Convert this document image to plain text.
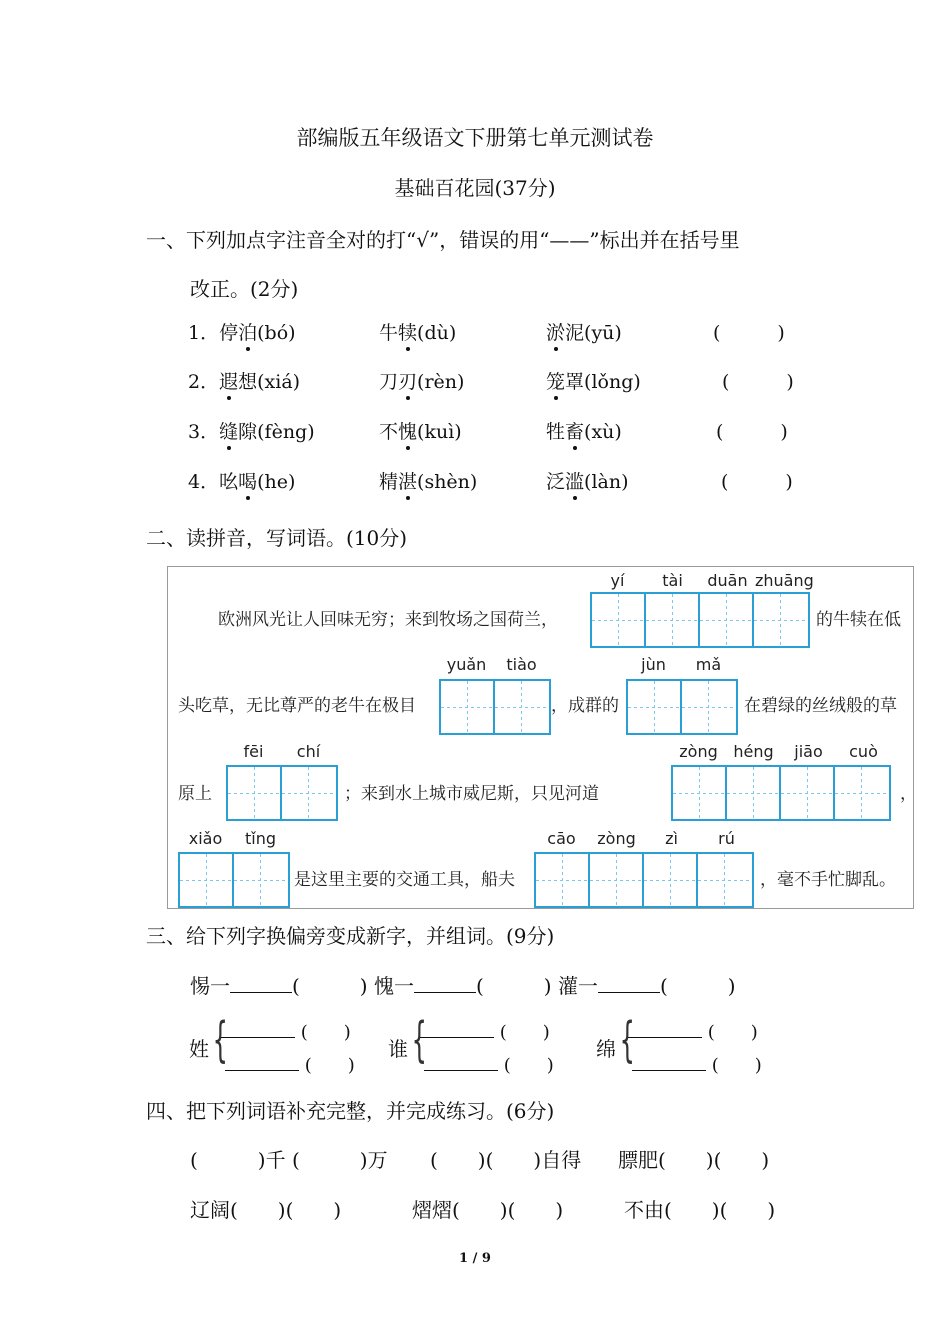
部编版五年级语文下册第七单元测试卷
基础百花园(37分)
一、下列加点字注音全对的打“√”，错误的用“——”标出并在括号里
改正。(2分)
1．停泊(bó)	牛犊(dù)	淤泥(yū)	(　　　)
2．遐想(xiá)	刀刃(rèn)	笼罩(lǒng)	(　　　)
3．缝隙(fèng)	不愧(kuì)	牲畜(xù)	(　　　)
4．吆喝(he)	精湛(shèn)	泛滥(làn)	(　　　)
二、读拼音，写词语。(10分)
欧洲风光让人回味无穷；来到牧场之国荷兰，	的牛犊在低
头吃草，无比尊严的老牛在极目	，成群的	在碧绿的丝绒般的草
原上	；来到水上城市威尼斯，只见河道	，
是这里主要的交通工具，船夫	，毫不手忙脚乱。
yí	tài	duān zhuāng
yuǎn	tiào	jùn	mǎ
fēi	chí	zòng héng	jiāo	cuò
xiǎo	tǐng	cāo	zòng	zì	rú
三、给下列字换偏旁变成新字，并组词。(9分)
惕一	(　　　) 愧一	(　　　) 灌一	(　　　)
姓 {	(　　)
(　　)
谁 {	(　　)
(　　)
绵 {	(　　)
(　　)
四、把下列词语补充完整，并完成练习。(6分)
(　　　)千 (　　　)万 (　　)(　　)自得 膘肥(　　)(　　)
辽阔(　　)(　　)	熠熠(　　)(　　)	不由(　　)(　　)
1 / 9
